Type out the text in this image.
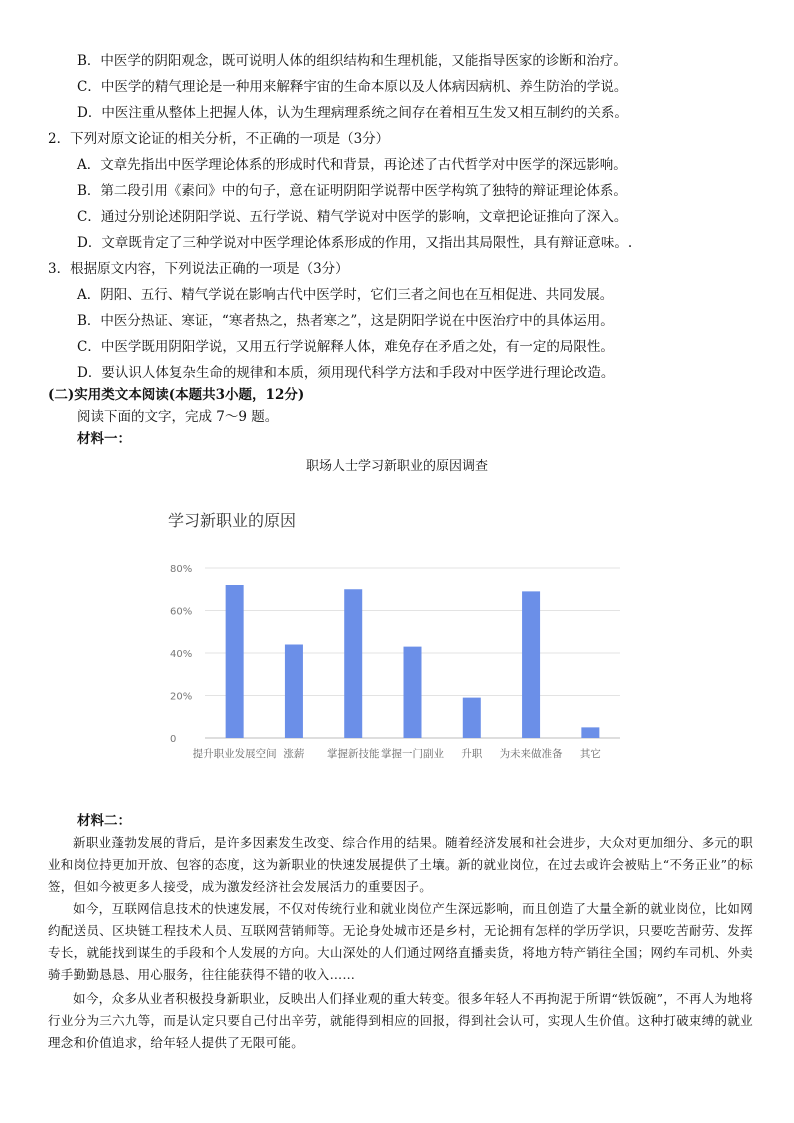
B．中医学的阴阳观念，既可说明人体的组织结构和生理机能，又能指导医家的诊断和治疗。
C．中医学的精气理论是一种用来解释宇宙的生命本原以及人体病因病机、养生防治的学说。
D．中医注重从整体上把握人体，认为生理病理系统之间存在着相互生发又相互制约的关系。
2．下列对原文论证的相关分析，不正确的一项是（3分）
A．文章先指出中医学理论体系的形成时代和背景，再论述了古代哲学对中医学的深远影响。
B．第二段引用《素问》中的句子，意在证明阴阳学说帮中医学构筑了独特的辩证理论体系。
C．通过分别论述阴阳学说、五行学说、精气学说对中医学的影响，文章把论证推向了深入。
D．文章既肯定了三种学说对中医学理论体系形成的作用，又指出其局限性，具有辩证意味。.
3．根据原文内容，下列说法正确的一项是（3分）
A．阴阳、五行、精气学说在影响古代中医学时，它们三者之间也在互相促进、共同发展。
B．中医分热证、寒证，“寒者热之，热者寒之”，这是阴阳学说在中医治疗中的具体运用。
C．中医学既用阴阳学说，又用五行学说解释人体，难免存在矛盾之处，有一定的局限性。
D．要认识人体复杂生命的规律和本质，须用现代科学方法和手段对中医学进行理论改造。
(二)实用类文本阅读(本题共3小题，12分)
阅读下面的文字，完成 7～9 题。
材料一：
职场人士学习新职业的原因调查
学习新职业的原因
0
20%
40%
60%
80%
提升职业发展空间 涨薪 掌握新技能 掌握一门副业 升职 为未来做准备 其它
材料二：
新职业蓬勃发展的背后，是许多因素发生改变、综合作用的结果。随着经济发展和社会进步，大众对更加细分、多元的职业和岗位持更加开放、包容的态度，这为新职业的快速发展提供了土壤。新的就业岗位，在过去或许会被贴上“不务正业”的标签，但如今被更多人接受，成为激发经济社会发展活力的重要因子。
如今，互联网信息技术的快速发展，不仅对传统行业和就业岗位产生深远影响，而且创造了大量全新的就业岗位，比如网约配送员、区块链工程技术人员、互联网营销师等。无论身处城市还是乡村，无论拥有怎样的学历学识，只要吃苦耐劳、发挥专长，就能找到谋生的手段和个人发展的方向。大山深处的人们通过网络直播卖货，将地方特产销往全国；网约车司机、外卖骑手勤勤恳恳、用心服务，往往能获得不错的收入……
如今，众多从业者积极投身新职业，反映出人们择业观的重大转变。很多年轻人不再拘泥于所谓“铁饭碗”，不再人为地将行业分为三六九等，而是认定只要自己付出辛劳，就能得到相应的回报，得到社会认可，实现人生价值。这种打破束缚的就业理念和价值追求，给年轻人提供了无限可能。
